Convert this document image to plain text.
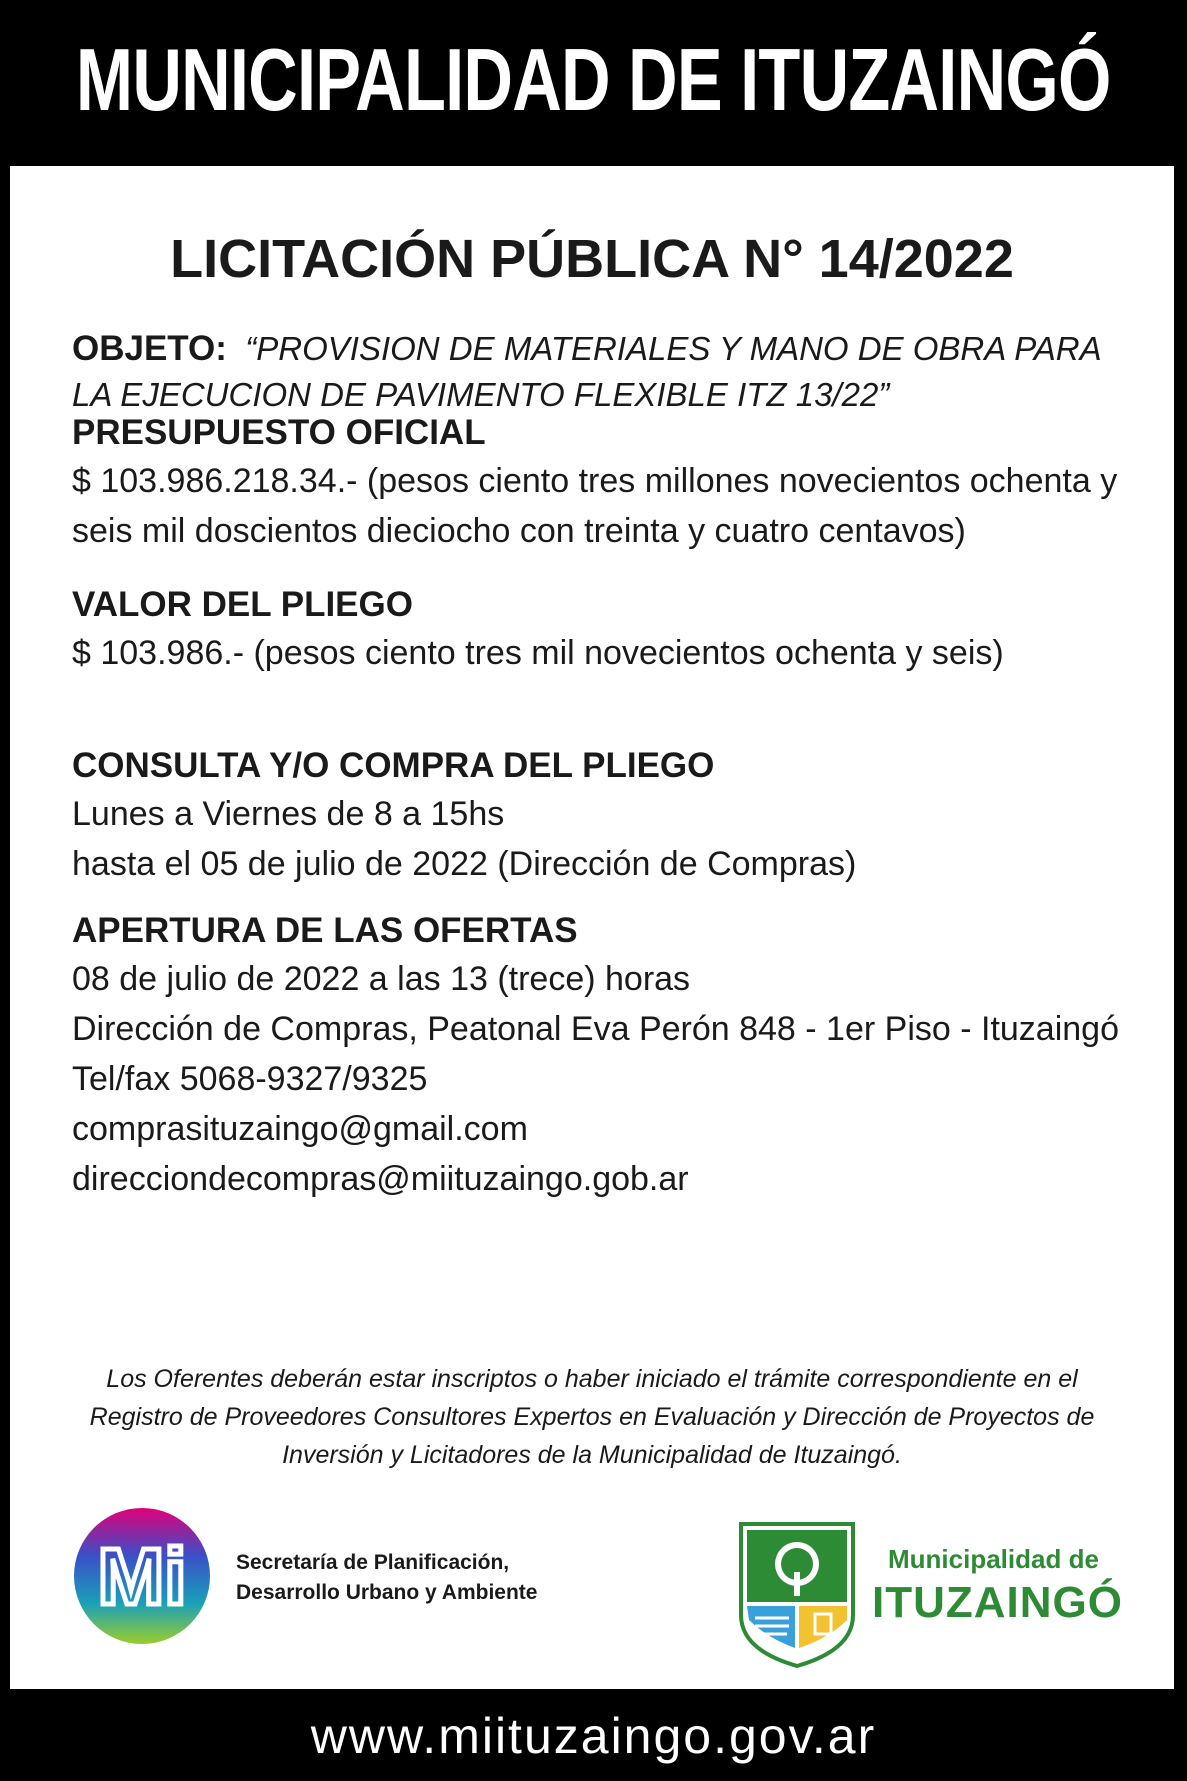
MUNICIPALIDAD DE ITUZAINGÓ
LICITACIÓN PÚBLICA N° 14/2022
OBJETO: “PROVISION DE MATERIALES Y MANO DE OBRA PARA LA EJECUCION DE PAVIMENTO FLEXIBLE ITZ 13/22”
PRESUPUESTO OFICIAL
$ 103.986.218.34.- (pesos ciento tres millones novecientos ochenta y
seis mil doscientos dieciocho con treinta y cuatro centavos)
VALOR DEL PLIEGO
$ 103.986.- (pesos ciento tres mil novecientos ochenta y seis)
CONSULTA Y/O COMPRA DEL PLIEGO
Lunes a Viernes de 8 a 15hs
hasta el 05 de julio de 2022 (Dirección de Compras)
APERTURA DE LAS OFERTAS
08 de julio de 2022 a las 13 (trece) horas
Dirección de Compras, Peatonal Eva Perón 848 - 1er Piso - Ituzaingó
Tel/fax 5068-9327/9325
comprasituzaingo@gmail.com
direcciondecompras@miituzaingo.gob.ar
Los Oferentes deberán estar inscriptos o haber iniciado el trámite correspondiente en el
Registro de Proveedores Consultores Expertos en Evaluación y Dirección de Proyectos de
Inversión y Licitadores de la Municipalidad de Ituzaingó.
Mi Secretaría de Planificación,
Desarrollo Urbano y Ambiente
Municipalidad de
ITUZAINGÓ
www.miituzaingo.gov.ar
